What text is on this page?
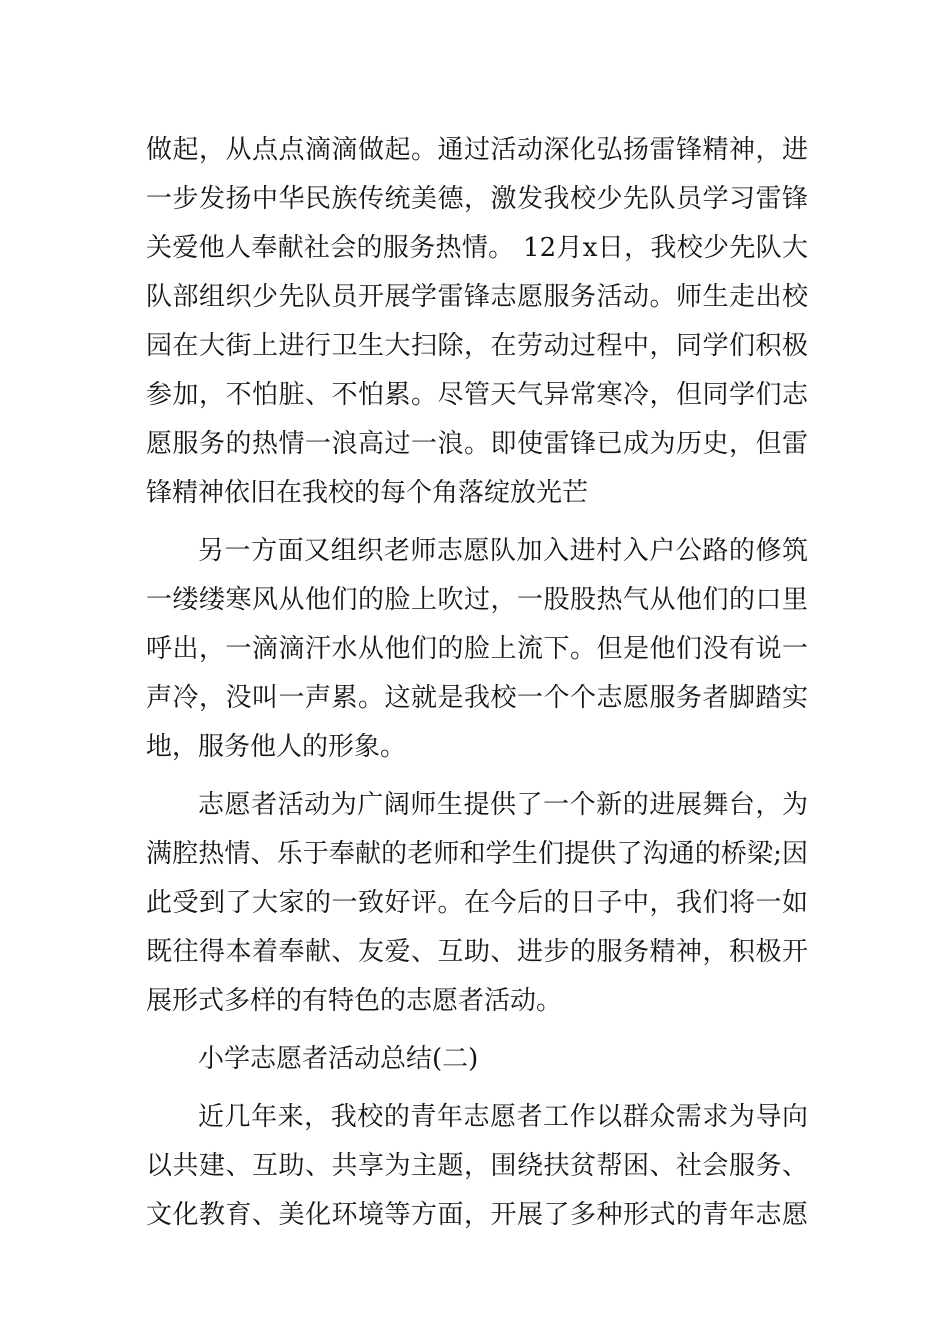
做起，从点点滴滴做起。通过活动深化弘扬雷锋精神，进
一步发扬中华民族传统美德，激发我校少先队员学习雷锋
关爱他人奉献社会的服务热情。 12月x日，我校少先队大
队部组织少先队员开展学雷锋志愿服务活动。师生走出校
园在大街上进行卫生大扫除，在劳动过程中，同学们积极
参加，不怕脏、不怕累。尽管天气异常寒冷，但同学们志
愿服务的热情一浪高过一浪。即使雷锋已成为历史，但雷
锋精神依旧在我校的每个角落绽放光芒
另一方面又组织老师志愿队加入进村入户公路的修筑
一缕缕寒风从他们的脸上吹过，一股股热气从他们的口里
呼出，一滴滴汗水从他们的脸上流下。但是他们没有说一
声冷，没叫一声累。这就是我校一个个志愿服务者脚踏实
地，服务他人的形象。
志愿者活动为广阔师生提供了一个新的进展舞台，为
满腔热情、乐于奉献的老师和学生们提供了沟通的桥梁;因
此受到了大家的一致好评。在今后的日子中，我们将一如
既往得本着奉献、友爱、互助、进步的服务精神，积极开
展形式多样的有特色的志愿者活动。
小学志愿者活动总结(二)
近几年来，我校的青年志愿者工作以群众需求为导向
以共建、互助、共享为主题，围绕扶贫帮困、社会服务、
文化教育、美化环境等方面，开展了多种形式的青年志愿
